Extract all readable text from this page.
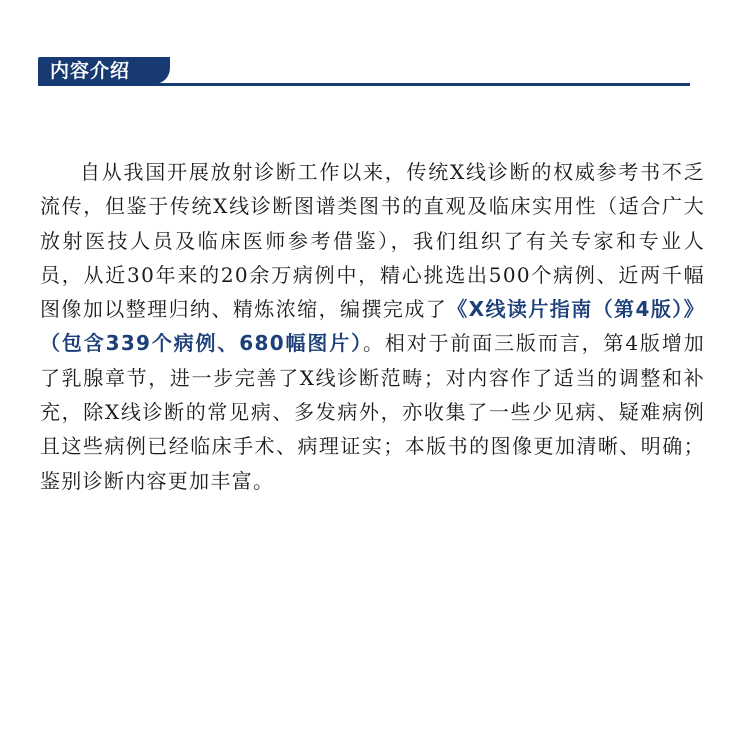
内容介绍

自从我国开展放射诊断工作以来，传统X线诊断的权威参考书不乏流传，但鉴于传统X线诊断图谱类图书的直观及临床实用性（适合广大放射医技人员及临床医师参考借鉴），我们组织了有关专家和专业人员，从近30年来的20余万病例中，精心挑选出500个病例、近两千幅图像加以整理归纳、精炼浓缩，编撰完成了《X线读片指南（第4版）》（包含339个病例、680幅图片）。相对于前面三版而言，第4版增加了乳腺章节，进一步完善了X线诊断范畴；对内容作了适当的调整和补充，除X线诊断的常见病、多发病外，亦收集了一些少见病、疑难病例且这些病例已经临床手术、病理证实；本版书的图像更加清晰、明确；鉴别诊断内容更加丰富。
